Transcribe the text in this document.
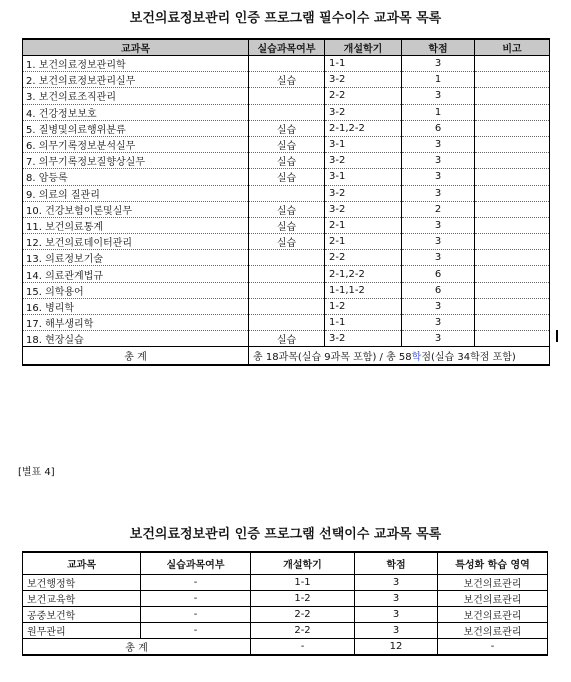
보건의료정보관리 인증 프로그램 필수이수 교과목 목록
교과목	실습과목여부	개설학기	학점	비고
1. 보건의료정보관리학		1-1	3	
2. 보건의료정보관리실무	실습	3-2	1	
3. 보건의료조직관리		2-2	3	
4. 건강정보보호		3-2	1	
5. 질병및의료행위분류	실습	2-1,2-2	6	
6. 의무기록정보분석실무	실습	3-1	3	
7. 의무기록정보질향상실무	실습	3-2	3	
8. 암등록	실습	3-1	3	
9. 의료의 질관리		3-2	3	
10. 건강보험이론및실무	실습	3-2	2	
11. 보건의료통계	실습	2-1	3	
12. 보건의료데이터관리	실습	2-1	3	
13. 의료정보기술		2-2	3	
14. 의료관계법규		2-1,2-2	6	
15. 의학용어		1-1,1-2	6	
16. 병리학		1-2	3	
17. 해부생리학		1-1	3	
18. 현장실습	실습	3-2	3	
총 계	총 18과목(실습 9과목 포함) / 총 58학점(실습 34학점 포함)			
[별표 4]
보건의료정보관리 인증 프로그램 선택이수 교과목 목록
교과목	실습과목여부	개설학기	학점	특성화 학습 영역
보건행정학	-	1-1	3	보건의료관리
보건교육학	-	1-2	3	보건의료관리
공중보건학	-	2-2	3	보건의료관리
원무관리	-	2-2	3	보건의료관리
총 계		-	12	-
